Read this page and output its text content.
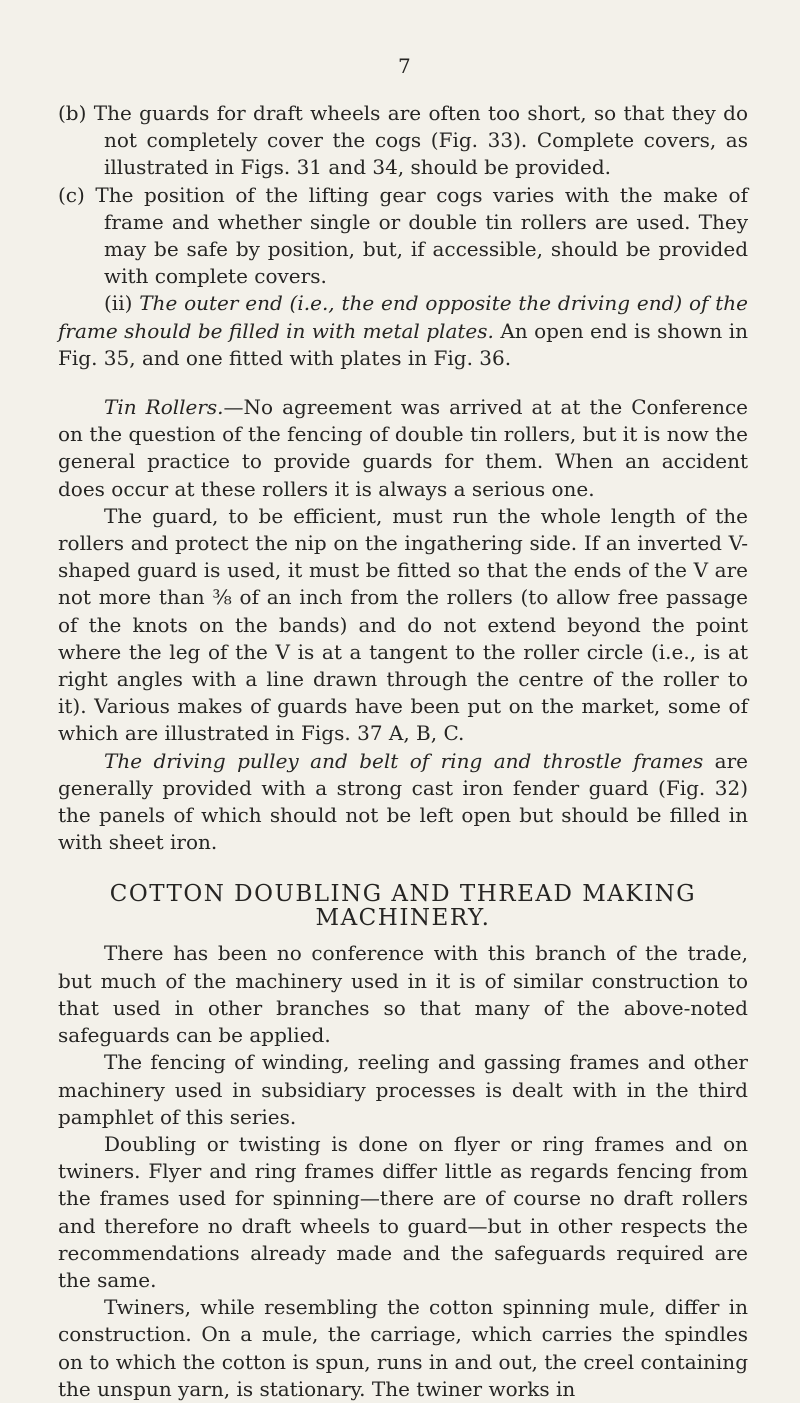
7

(b) The guards for draft wheels are often too short, so that they do not completely cover the cogs (Fig. 33). Complete covers, as illustrated in Figs. 31 and 34, should be provided.

(c) The position of the lifting gear cogs varies with the make of frame and whether single or double tin rollers are used. They may be safe by position, but, if accessible, should be provided with complete covers.

(ii) The outer end (i.e., the end opposite the driving end) of the frame should be filled in with metal plates. An open end is shown in Fig. 35, and one fitted with plates in Fig. 36.

Tin Rollers.—No agreement was arrived at at the Conference on the question of the fencing of double tin rollers, but it is now the general practice to provide guards for them. When an accident does occur at these rollers it is always a serious one.

The guard, to be efficient, must run the whole length of the rollers and protect the nip on the ingathering side. If an inverted V-shaped guard is used, it must be fitted so that the ends of the V are not more than ⅜ of an inch from the rollers (to allow free passage of the knots on the bands) and do not extend beyond the point where the leg of the V is at a tangent to the roller circle (i.e., is at right angles with a line drawn through the centre of the roller to it). Various makes of guards have been put on the market, some of which are illustrated in Figs. 37 A, B, C.

The driving pulley and belt of ring and throstle frames are generally provided with a strong cast iron fender guard (Fig. 32) the panels of which should not be left open but should be filled in with sheet iron.

COTTON DOUBLING AND THREAD MAKING MACHINERY.

There has been no conference with this branch of the trade, but much of the machinery used in it is of similar construction to that used in other branches so that many of the above-noted safeguards can be applied.

The fencing of winding, reeling and gassing frames and other machinery used in subsidiary processes is dealt with in the third pamphlet of this series.

Doubling or twisting is done on flyer or ring frames and on twiners. Flyer and ring frames differ little as regards fencing from the frames used for spinning—there are of course no draft rollers and therefore no draft wheels to guard—but in other respects the recommendations already made and the safeguards required are the same.

Twiners, while resembling the cotton spinning mule, differ in construction. On a mule, the carriage, which carries the spindles on to which the cotton is spun, runs in and out, the creel containing the unspun yarn, is stationary. The twiner works in
